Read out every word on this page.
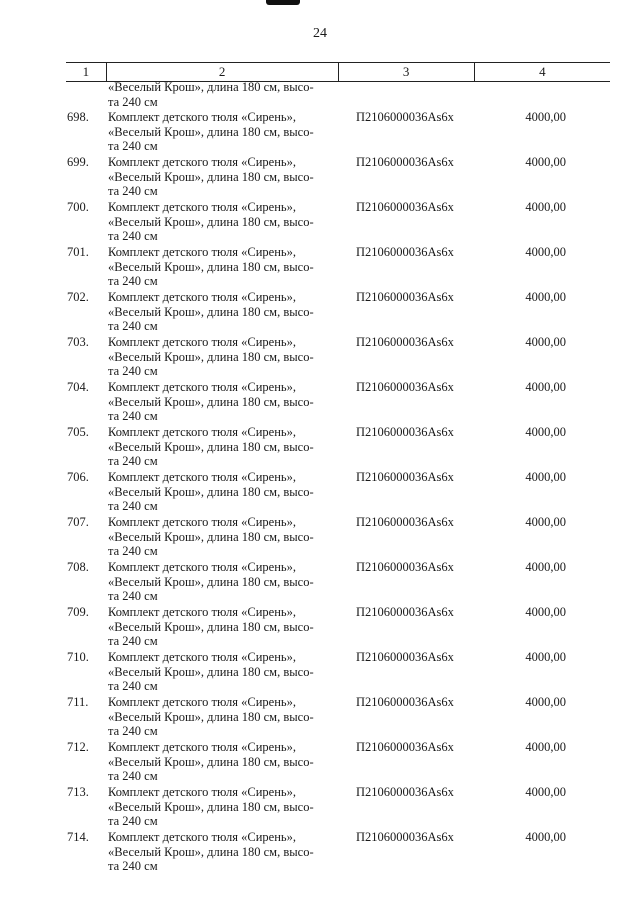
24
1	2	3	4
«Веселый Крош», длина 180 см, высо-
та 240 см
698. Комплект детского тюля «Сирень»,
«Веселый Крош», длина 180 см, высо-
та 240 см
П2106000036Аs6х	4000,00
699. Комплект детского тюля «Сирень»,
«Веселый Крош», длина 180 см, высо-
та 240 см
П2106000036Аs6х	4000,00
700. Комплект детского тюля «Сирень»,
«Веселый Крош», длина 180 см, высо-
та 240 см
П2106000036Аs6х	4000,00
701. Комплект детского тюля «Сирень»,
«Веселый Крош», длина 180 см, высо-
та 240 см
П2106000036Аs6х	4000,00
702. Комплект детского тюля «Сирень»,
«Веселый Крош», длина 180 см, высо-
та 240 см
П2106000036Аs6х	4000,00
703. Комплект детского тюля «Сирень»,
«Веселый Крош», длина 180 см, высо-
та 240 см
П2106000036Аs6х	4000,00
704. Комплект детского тюля «Сирень»,
«Веселый Крош», длина 180 см, высо-
та 240 см
П2106000036Аs6х	4000,00
705. Комплект детского тюля «Сирень»,
«Веселый Крош», длина 180 см, высо-
та 240 см
П2106000036Аs6х	4000,00
706. Комплект детского тюля «Сирень»,
«Веселый Крош», длина 180 см, высо-
та 240 см
П2106000036Аs6х	4000,00
707. Комплект детского тюля «Сирень»,
«Веселый Крош», длина 180 см, высо-
та 240 см
П2106000036Аs6х	4000,00
708. Комплект детского тюля «Сирень»,
«Веселый Крош», длина 180 см, высо-
та 240 см
П2106000036Аs6х	4000,00
709. Комплект детского тюля «Сирень»,
«Веселый Крош», длина 180 см, высо-
та 240 см
П2106000036Аs6х	4000,00
710. Комплект детского тюля «Сирень»,
«Веселый Крош», длина 180 см, высо-
та 240 см
П2106000036Аs6х	4000,00
711. Комплект детского тюля «Сирень»,
«Веселый Крош», длина 180 см, высо-
та 240 см
П2106000036Аs6х	4000,00
712. Комплект детского тюля «Сирень»,
«Веселый Крош», длина 180 см, высо-
та 240 см
П2106000036Аs6х	4000,00
713. Комплект детского тюля «Сирень»,
«Веселый Крош», длина 180 см, высо-
та 240 см
П2106000036Аs6х	4000,00
714. Комплект детского тюля «Сирень»,
«Веселый Крош», длина 180 см, высо-
та 240 см
П2106000036Аs6х	4000,00
